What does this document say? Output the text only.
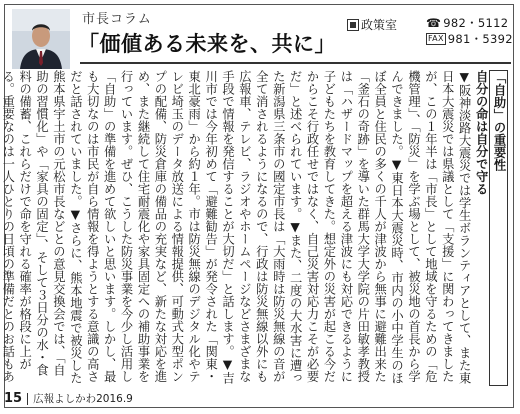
市長コラム
「価値ある未来を、共に」
政策室 ☎ 982・5112
FAX 981・5392

「自助」の重要性

自分の命は自分で守る

▼阪神淡路大震災では学生ボランティアとして、また東日本大震災では県議として「支援」に関わってきましたが、この１年半は「市長」として地域を守るための「危機管理」、「防災」を学ぶ場として、被災地の首長から学んできました。▼東日本大震災時、市内の小中学生のほぼ全員と住民の多くの千人が津波から無事に避難出来た「釜石の奇跡」を導いた群馬大学大学院の片田敏孝教授は「ハザードマップを超える津波にも対応できるように子どもたちを教育してきた。想定外の災害が起こる今だからこそ行政任せではなく、自己災害対応力こそが必要だ」と述べられています。▼また、二度の大水害に遭った新潟県三条市の國定市長は「大雨時は防災無線の音が全て消されるようになるので、行政は防災無線以外にも広報車、テレビ、ラジオやホームページなどさまざまな手段で情報を発信することが大切だ」と話します。▼吉川市では今年初めて「避難勧告」が発令された「関東・東北豪雨」から約１年。市は防災無線のデジタル化やテレビ埼玉のデータ放送による情報提供、可動式大型ポンプの配備、防災倉庫の備品の充実など、新たな対応を進め、また継続して住宅耐震化や家具固定への補助事業を行っています。ぜひ、こうした防災事業を今少し活用し「自助」の準備を進めて欲しいと思います。しかし、最も大切なのは市民が自ら情報を得ようとする意識の高さだと話されていました。▼さらに、熊本地震で被災した熊本県宇土市の元松市長などとの意見交換会では、「自助の習慣化」や「家具の固定」、そして３日分の水・食料の備蓄、これらだけで命を守れる確率が格段に上がる。重要なのは一人ひとりの日頃の準備だとのお話もあ

15 広報よしかわ2016.9
